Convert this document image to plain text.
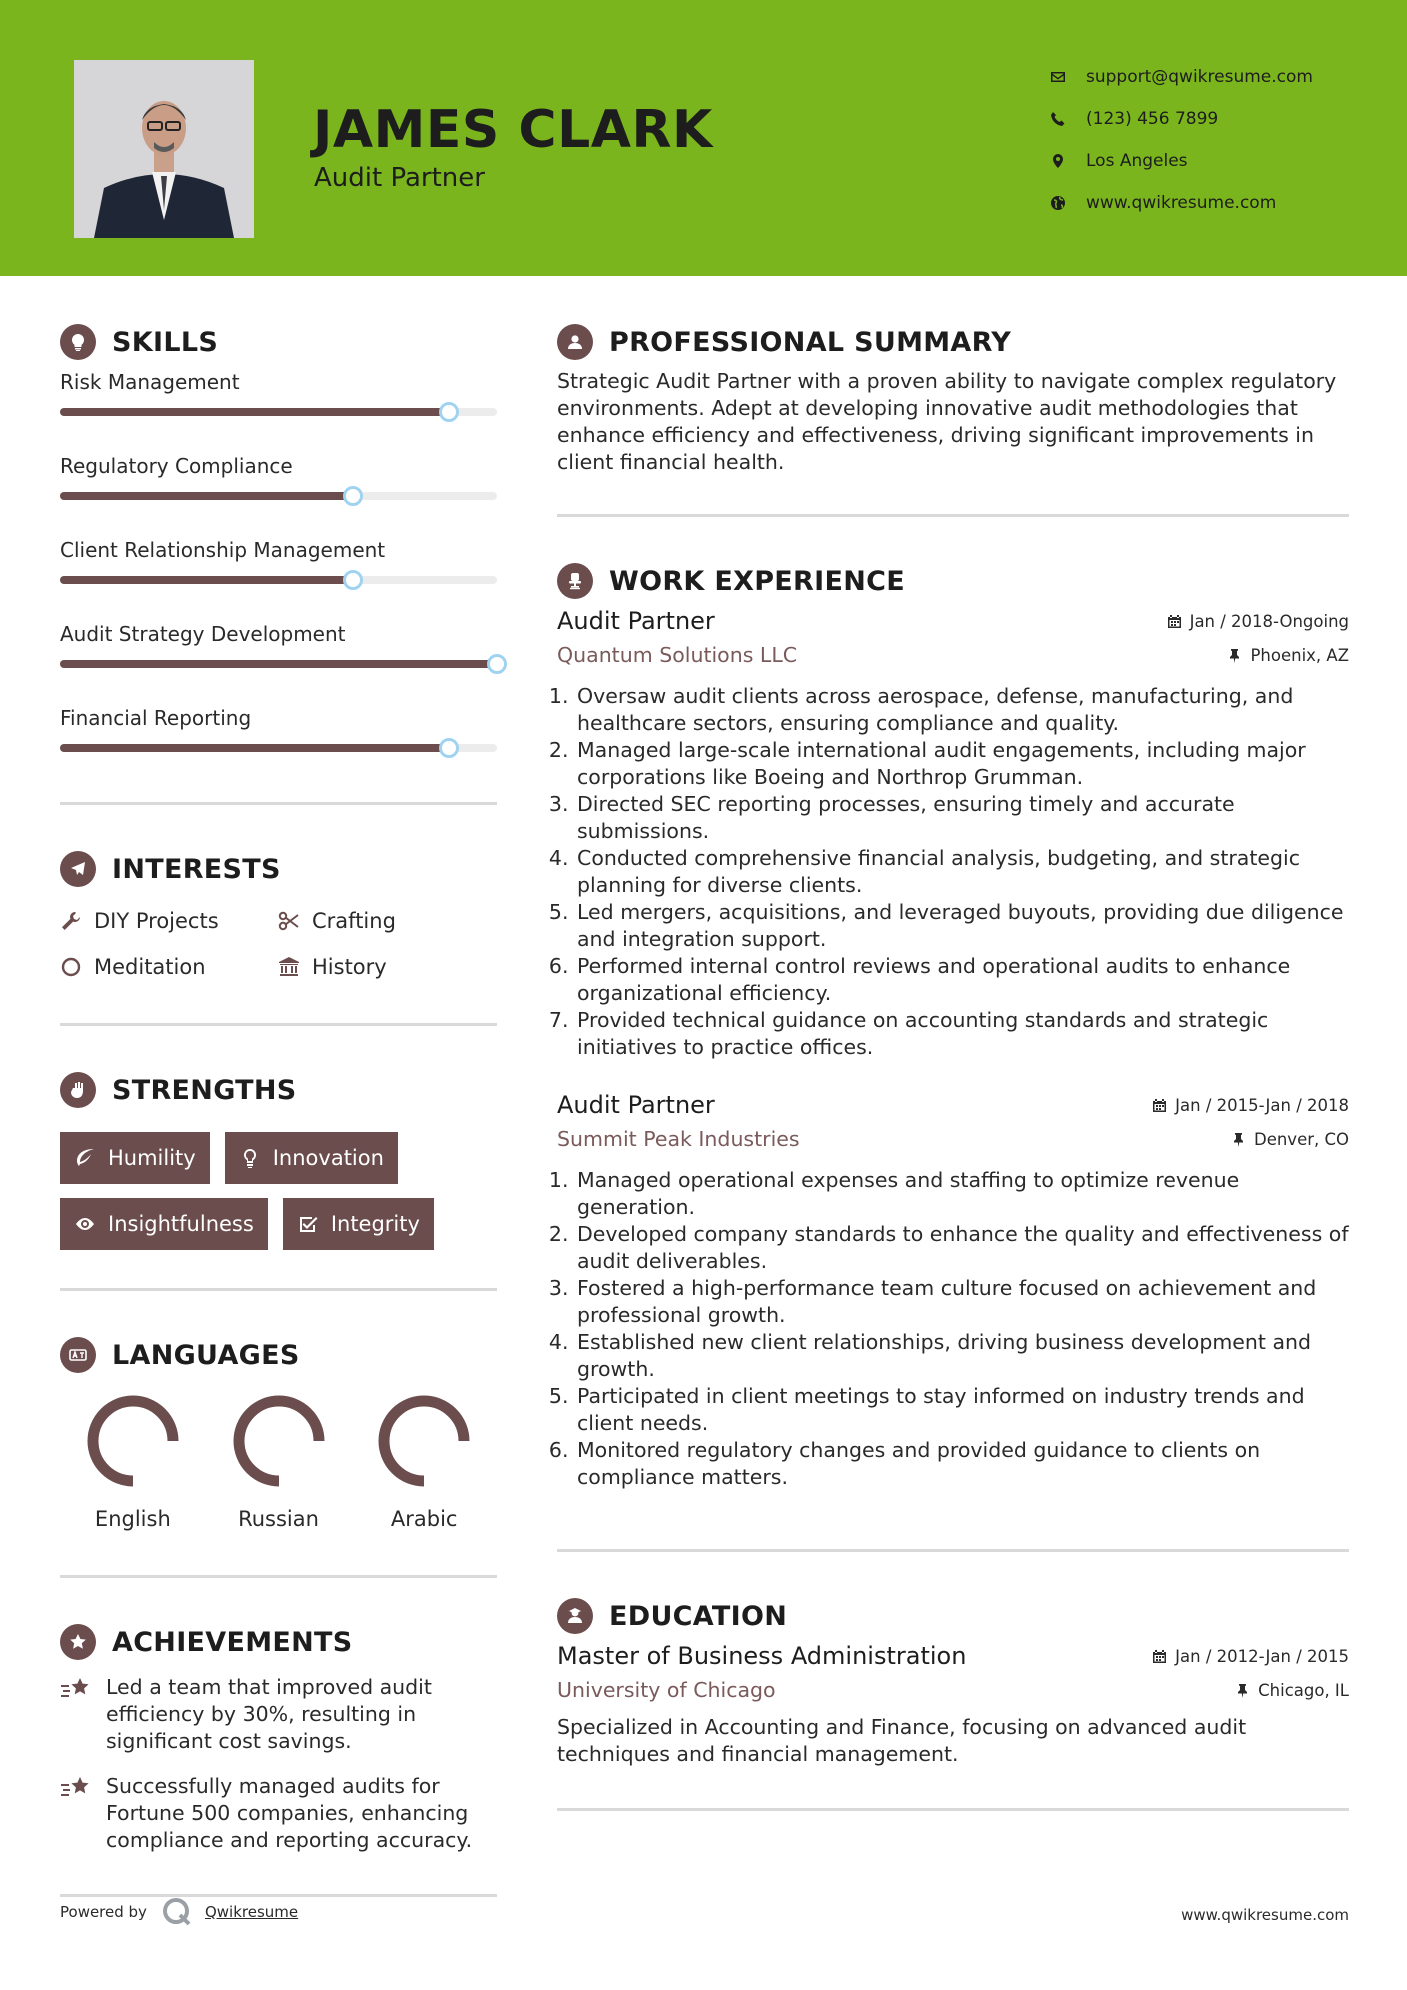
JAMES CLARK
Audit Partner
support@qwikresume.com
(123) 456 7899
Los Angeles
www.qwikresume.com
SKILLS
Risk Management
Regulatory Compliance
Client Relationship Management
Audit Strategy Development
Financial Reporting
INTERESTS
DIY Projects	Crafting
Meditation	History
STRENGTHS
Humility	Innovation
Insightfulness	Integrity
LANGUAGES
English	Russian	Arabic
ACHIEVEMENTS
Led a team that improved audit efficiency by 30%, resulting in significant cost savings.
Successfully managed audits for Fortune 500 companies, enhancing compliance and reporting accuracy.
PROFESSIONAL SUMMARY
Strategic Audit Partner with a proven ability to navigate complex regulatory environments. Adept at developing innovative audit methodologies that enhance efficiency and effectiveness, driving significant improvements in client financial health.
WORK EXPERIENCE
Audit Partner	Jan / 2018-Ongoing
Quantum Solutions LLC	Phoenix, AZ
1. Oversaw audit clients across aerospace, defense, manufacturing, and healthcare sectors, ensuring compliance and quality.
2. Managed large-scale international audit engagements, including major corporations like Boeing and Northrop Grumman.
3. Directed SEC reporting processes, ensuring timely and accurate submissions.
4. Conducted comprehensive financial analysis, budgeting, and strategic planning for diverse clients.
5. Led mergers, acquisitions, and leveraged buyouts, providing due diligence and integration support.
6. Performed internal control reviews and operational audits to enhance organizational efficiency.
7. Provided technical guidance on accounting standards and strategic initiatives to practice offices.
Audit Partner	Jan / 2015-Jan / 2018
Summit Peak Industries	Denver, CO
1. Managed operational expenses and staffing to optimize revenue generation.
2. Developed company standards to enhance the quality and effectiveness of audit deliverables.
3. Fostered a high-performance team culture focused on achievement and professional growth.
4. Established new client relationships, driving business development and growth.
5. Participated in client meetings to stay informed on industry trends and client needs.
6. Monitored regulatory changes and provided guidance to clients on compliance matters.
EDUCATION
Master of Business Administration	Jan / 2012-Jan / 2015
University of Chicago	Chicago, IL
Specialized in Accounting and Finance, focusing on advanced audit techniques and financial management.
Powered by	Qwikresume	www.qwikresume.com
